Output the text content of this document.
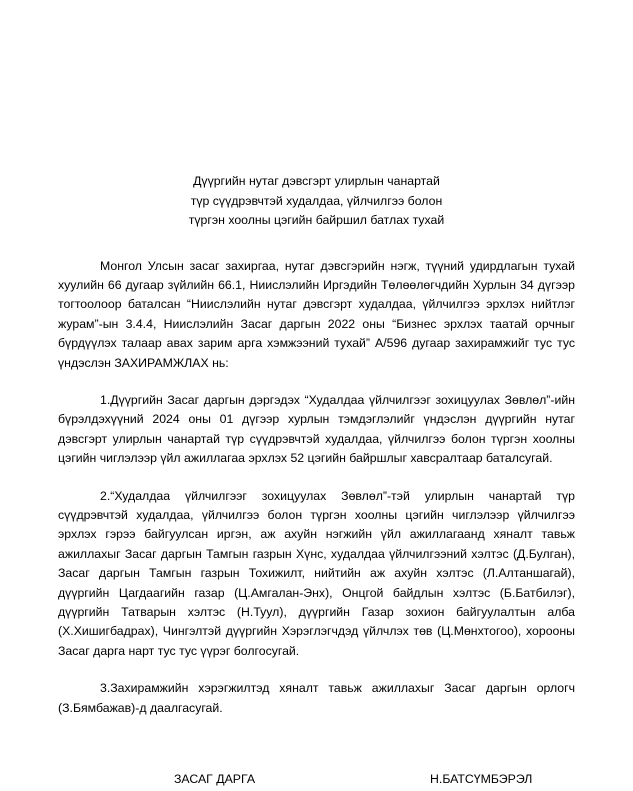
Дүүргийн нутаг дэвсгэрт улирлын чанартай
түр сүүдрэвчтэй худалдаа, үйлчилгээ болон
түргэн хоолны цэгийн байршил батлах тухай

Монгол Улсын засаг захиргаа, нутаг дэвсгэрийн нэгж, түүний удирдлагын тухай хуулийн 66 дугаар зүйлийн 66.1, Ниислэлийн Иргэдийн Төлөөлөгчдийн Хурлын 34 дүгээр тогтоолоор баталсан “Ниислэлийн нутаг дэвсгэрт худалдаа, үйлчилгээ эрхлэх нийтлэг журам”-ын 3.4.4, Ниислэлийн Засаг даргын 2022 оны “Бизнес эрхлэх таатай орчныг бүрдүүлэх талаар авах зарим арга хэмжээний тухай” А/596 дугаар захирамжийг тус тус үндэслэн ЗАХИРАМЖЛАХ нь:

1.Дүүргийн Засаг даргын дэргэдэх “Худалдаа үйлчилгээг зохицуулах Зөвлөл”-ийн бүрэлдэхүүний 2024 оны 01 дүгээр хурлын тэмдэглэлийг үндэслэн дүүргийн нутаг дэвсгэрт улирлын чанартай түр сүүдрэвчтэй худалдаа, үйлчилгээ болон түргэн хоолны цэгийн чиглэлээр үйл ажиллагаа эрхлэх 52 цэгийн байршлыг хавсралтаар баталсугай.

2.“Худалдаа үйлчилгээг зохицуулах Зөвлөл”-тэй улирлын чанартай түр сүүдрэвчтэй худалдаа, үйлчилгээ болон түргэн хоолны цэгийн чиглэлээр үйлчилгээ эрхлэх гэрээ байгуулсан иргэн, аж ахуйн нэгжийн үйл ажиллагаанд хяналт тавьж ажиллахыг Засаг даргын Тамгын газрын Хүнс, худалдаа үйлчилгээний хэлтэс (Д.Булган), Засаг даргын Тамгын газрын Тохижилт, нийтийн аж ахуйн хэлтэс (Л.Алтаншагай), дүүргийн Цагдаагийн газар (Ц.Амгалан-Энх), Онцгой байдлын хэлтэс (Б.Батбилэг), дүүргийн Татварын хэлтэс (Н.Туул), дүүргийн Газар зохион байгуулалтын алба (Х.Хишигбадрах), Чингэлтэй дүүргийн Хэрэглэгчдэд үйлчлэх төв (Ц.Мөнхтогоо), хорооны Засаг дарга нарт тус тус үүрэг болгосугай.

3.Захирамжийн хэрэгжилтэд хяналт тавьж ажиллахыг Засаг даргын орлогч (З.Бямбажав)-д даалгасугай.

ЗАСАГ ДАРГА	Н.БАТСҮМБЭРЭЛ
